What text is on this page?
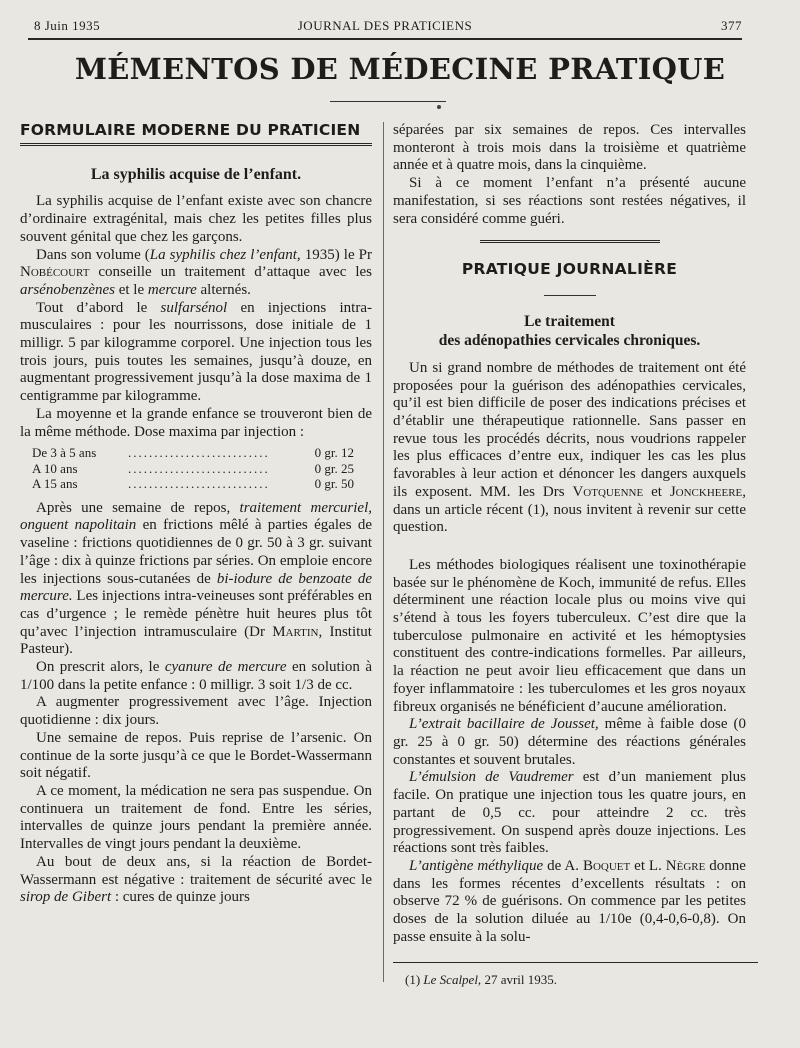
8 Juin 1935	JOURNAL DES PRATICIENS	377
MÉMENTOS DE MÉDECINE PRATIQUE
FORMULAIRE MODERNE DU PRATICIEN
La syphilis acquise de l’enfant.

La syphilis acquise de l’enfant existe avec son chancre d’ordinaire extragénital, mais chez les petites filles plus souvent génital que chez les garçons.

Dans son volume (La syphilis chez l’enfant, 1935) le Pr Nobécourt conseille un traitement d’attaque avec les arsénobenzènes et le mercure alternés.

Tout d’abord le sulfarsénol en injections intra-musculaires : pour les nourrissons, dose initiale de 1 milligr. 5 par kilogramme corporel. Une injection tous les trois jours, puis toutes les semaines, jusqu’à douze, en augmentant progressivement jusqu’à la dose maxima de 1 centigramme par kilogramme.

La moyenne et la grande enfance se trouveront bien de la même méthode. Dose maxima par injection :

De 3 à 5 ans ...........................	0 gr. 12
A 10 ans	...........................	0 gr. 25
A 15 ans	...........................	0 gr. 50

Après une semaine de repos, traitement mercuriel, onguent napolitain en frictions mêlé à parties égales de vaseline : frictions quotidiennes de 0 gr. 50 à 3 gr. suivant l’âge : dix à quinze frictions par séries. On emploie encore les injections sous-cutanées de bi-iodure de benzoate de mercure. Les injections intra-veineuses sont préférables en cas d’urgence ; le remède pénètre huit heures plus tôt qu’avec l’injection intramusculaire (Dr Martin, Institut Pasteur).

On prescrit alors, le cyanure de mercure en solution à 1/100 dans la petite enfance : 0 milligr. 3 soit 1/3 de cc.

A augmenter progressivement avec l’âge. Injection quotidienne : dix jours.

Une semaine de repos. Puis reprise de l’arsenic. On continue de la sorte jusqu’à ce que le Bordet-Wassermann soit négatif.

A ce moment, la médication ne sera pas suspendue. On continuera un traitement de fond. Entre les séries, intervalles de quinze jours pendant la première année. Intervalles de vingt jours pendant la deuxième.

Au bout de deux ans, si la réaction de Bordet-Wassermann est négative : traitement de sécurité avec le sirop de Gibert : cures de quinze jours

séparées par six semaines de repos. Ces intervalles monteront à trois mois dans la troisième et quatrième année et à quatre mois, dans la cinquième.

Si à ce moment l’enfant n’a présenté aucune manifestation, si ses réactions sont restées négatives, il sera considéré comme guéri.

PRATIQUE JOURNALIÈRE
Le traitement
des adénopathies cervicales chroniques.

Un si grand nombre de méthodes de traitement ont été proposées pour la guérison des adénopathies cervicales, qu’il est bien difficile de poser des indications précises et d’établir une thérapeutique rationnelle. Sans passer en revue tous les procédés décrits, nous voudrions rappeler les plus efficaces d’entre eux, indiquer les cas les plus favorables à leur action et dénoncer les dangers auxquels ils exposent. MM. les Drs Votquenne et Jonckheere, dans un article récent (1), nous invitent à revenir sur cette question.

Les méthodes biologiques réalisent une toxinothérapie basée sur le phénomène de Koch, immunité de refus. Elles déterminent une réaction locale plus ou moins vive qui s’étend à tous les foyers tuberculeux. C’est dire que la tuberculose pulmonaire en activité et les hémoptysies constituent des contre-indications formelles. Par ailleurs, la réaction ne peut avoir lieu efficacement que dans un foyer inflammatoire : les tuberculomes et les gros noyaux fibreux organisés ne bénéficient d’aucune amélioration.

L’extrait bacillaire de Jousset, même à faible dose (0 gr. 25 à 0 gr. 50) détermine des réactions générales constantes et souvent brutales.

L’émulsion de Vaudremer est d’un maniement plus facile. On pratique une injection tous les quatre jours, en partant de 0,5 cc. pour atteindre 2 cc. très progressivement. On suspend après douze injections. Les réactions sont très faibles.

L’antigène méthylique de A. Boquet et L. Nègre donne dans les formes récentes d’excellents résultats : on observe 72 % de guérisons. On commence par les petites doses de la solution diluée au 1/10e (0,4-0,6-0,8). On passe ensuite à la solu-

(1) Le Scalpel, 27 avril 1935.
